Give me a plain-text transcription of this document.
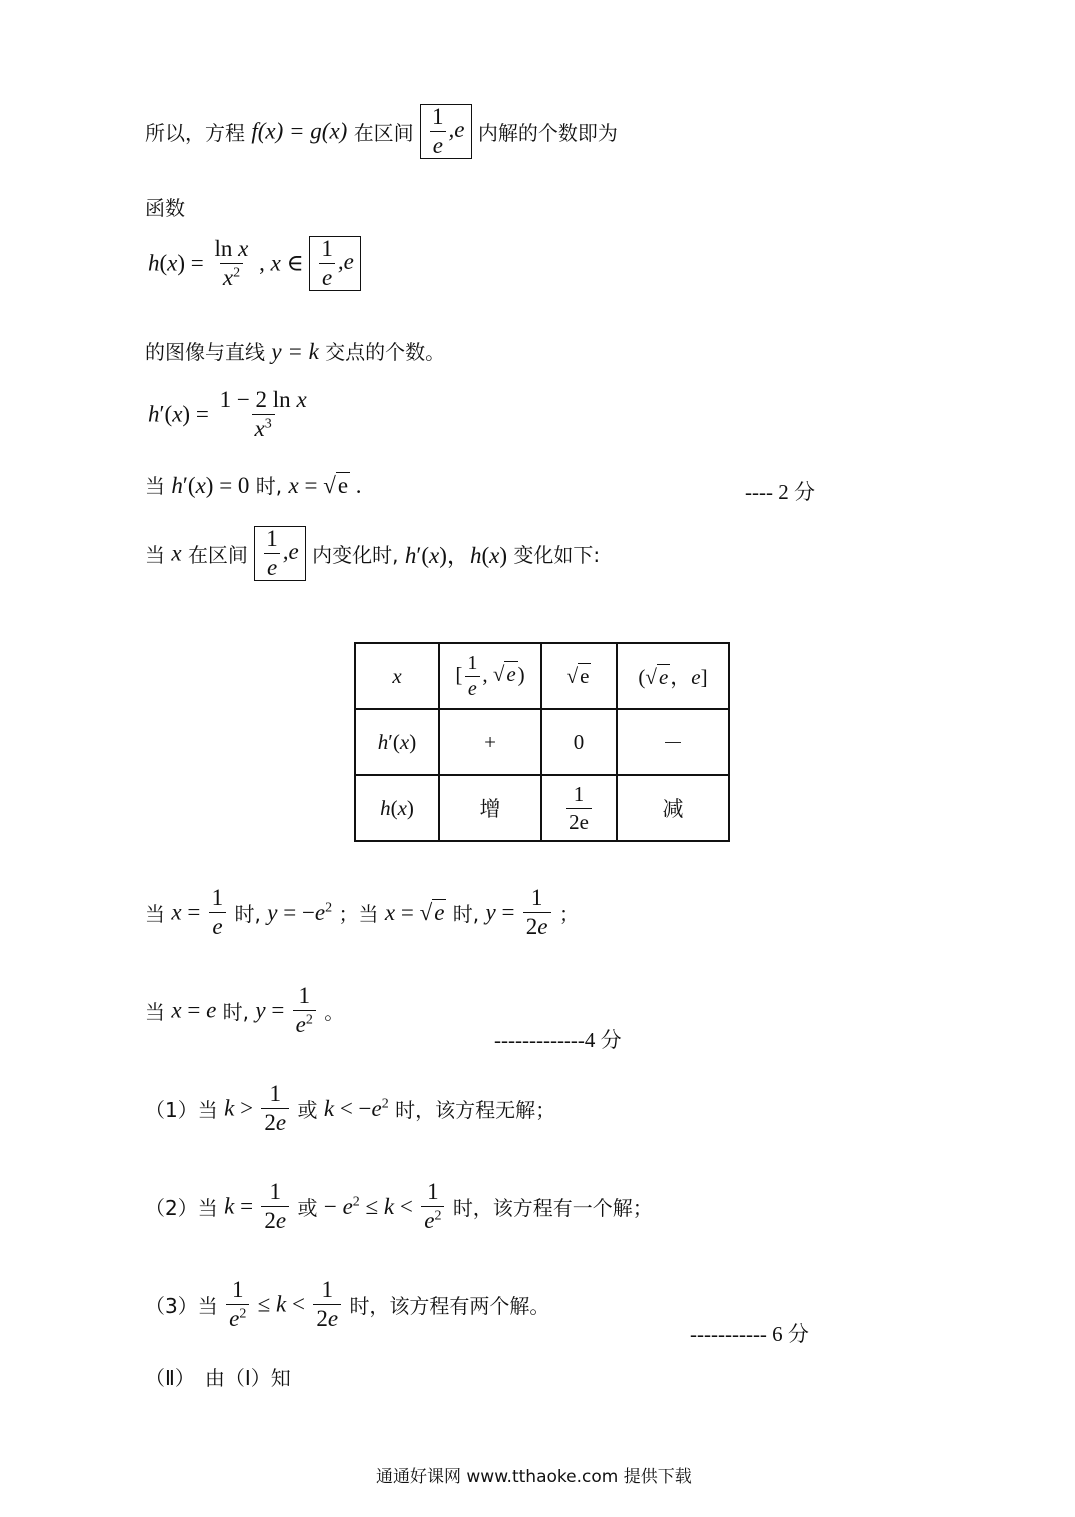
所以，方程 f(x) = g(x) 在区间 $\frac{1}{e} ,e$ 内解的个数即为
函数
$h(x) = \frac{\text{ln x}}{x^2}$ , x ∈ $\frac{1}{e} ,e$
的图像与直线 y = k 交点的个数。
$h'(x) = \frac{\text{1 − 2 ln x}}{x^3}$
当 h′(x) = 0 时, x = √e .	---- 2 分
当 x 在区间 $\frac{1}{e} ,e$ 内变化时, h′(x)，h(x) 变化如下:
x	[ $\frac{1}{e}$ , √e)	√e	(√e，e]
h′(x)	+	0	－
h(x)	增	$\frac{1}{2e}$	减
当 $x = \frac{1}{e}$ 时, $y = -e^2$ ；当 x = √e 时, $y = \frac{1}{2e}$ ；
当 x = e 时, $y = \frac{1}{e^2}$ 。
-------------4 分
（1）当 $k > \frac{1}{2e}$ 或 $k < -e^2$ 时，该方程无解；
（2）当 $k = \frac{1}{2e}$ 或 − $e^2 \le k < \frac{1}{e^2}$ 时，该方程有一个解；
（3）当 $\frac{1}{e^2} \le k < \frac{1}{2e}$ 时，该方程有两个解。
----------- 6 分
（Ⅱ）　由（Ⅰ）知
通通好课网 www.tthaoke.com 提供下载
